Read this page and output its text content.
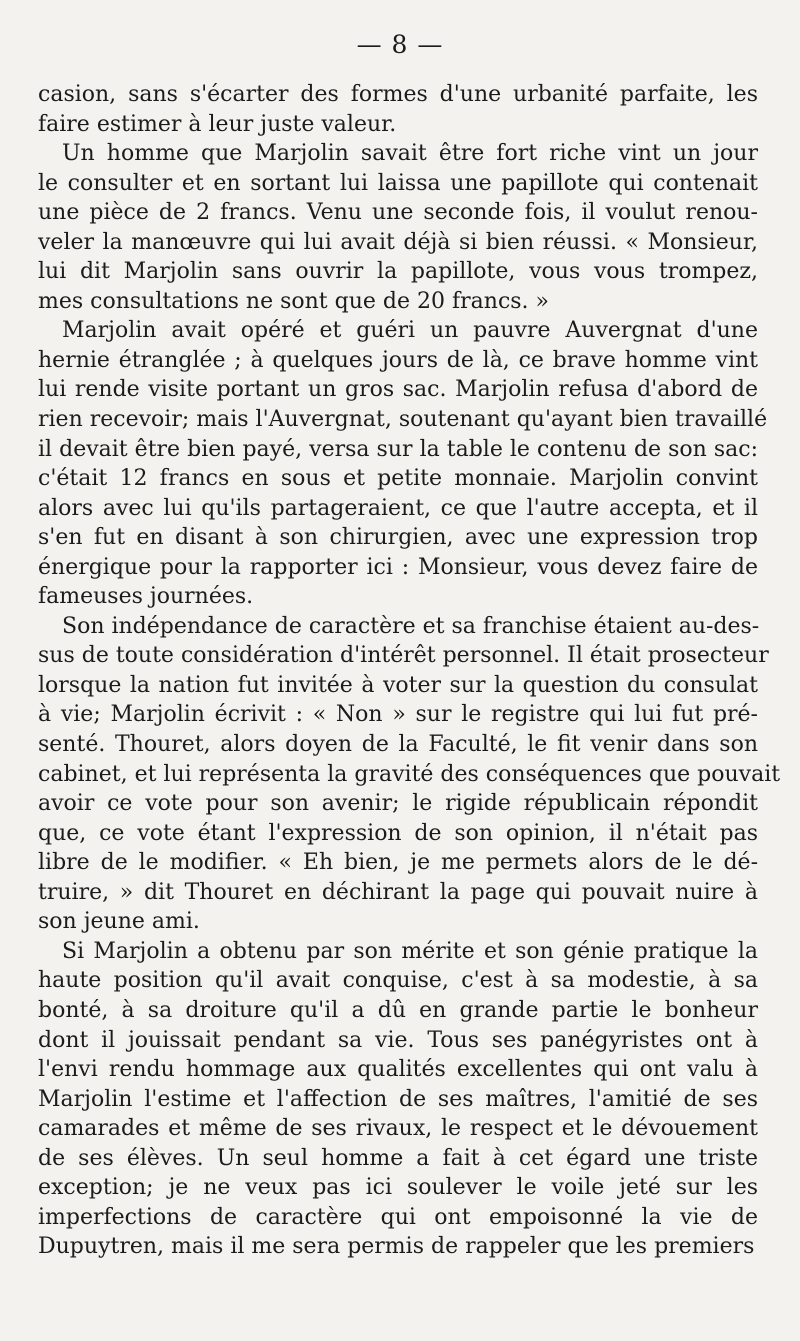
— 8 —
casion, sans s'écarter des formes d'une urbanité parfaite, les
faire estimer à leur juste valeur.
Un homme que Marjolin savait être fort riche vint un jour
le consulter et en sortant lui laissa une papillote qui contenait
une pièce de 2 francs. Venu une seconde fois, il voulut renou-
veler la manœuvre qui lui avait déjà si bien réussi. « Monsieur,
lui dit Marjolin sans ouvrir la papillote, vous vous trompez,
mes consultations ne sont que de 20 francs. »
Marjolin avait opéré et guéri un pauvre Auvergnat d'une
hernie étranglée ; à quelques jours de là, ce brave homme vint
lui rende visite portant un gros sac. Marjolin refusa d'abord de
rien recevoir; mais l'Auvergnat, soutenant qu'ayant bien travaillé
il devait être bien payé, versa sur la table le contenu de son sac:
c'était 12 francs en sous et petite monnaie. Marjolin convint
alors avec lui qu'ils partageraient, ce que l'autre accepta, et il
s'en fut en disant à son chirurgien, avec une expression trop
énergique pour la rapporter ici : Monsieur, vous devez faire de
fameuses journées.
Son indépendance de caractère et sa franchise étaient au-des-
sus de toute considération d'intérêt personnel. Il était prosecteur
lorsque la nation fut invitée à voter sur la question du consulat
à vie; Marjolin écrivit : « Non » sur le registre qui lui fut pré-
senté. Thouret, alors doyen de la Faculté, le fit venir dans son
cabinet, et lui représenta la gravité des conséquences que pouvait
avoir ce vote pour son avenir; le rigide républicain répondit
que, ce vote étant l'expression de son opinion, il n'était pas
libre de le modifier. « Eh bien, je me permets alors de le dé-
truire, » dit Thouret en déchirant la page qui pouvait nuire à
son jeune ami.
Si Marjolin a obtenu par son mérite et son génie pratique la
haute position qu'il avait conquise, c'est à sa modestie, à sa
bonté, à sa droiture qu'il a dû en grande partie le bonheur
dont il jouissait pendant sa vie. Tous ses panégyristes ont à
l'envi rendu hommage aux qualités excellentes qui ont valu à
Marjolin l'estime et l'affection de ses maîtres, l'amitié de ses
camarades et même de ses rivaux, le respect et le dévouement
de ses élèves. Un seul homme a fait à cet égard une triste
exception; je ne veux pas ici soulever le voile jeté sur les
imperfections de caractère qui ont empoisonné la vie de
Dupuytren, mais il me sera permis de rappeler que les premiers
